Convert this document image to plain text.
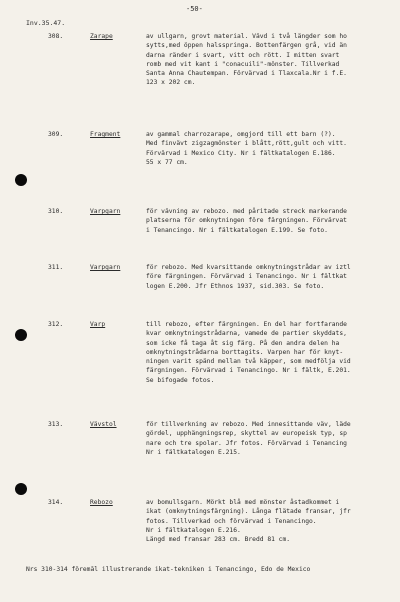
-50-
Inv.35.47.
308.	Zarape	av ullgarn, grovt material. Vävd i två längder som ho
sytts,med öppen halsspringa. Bottenfärgen grå, vid än
darna ränder i svart, vitt och rött. I mitten svart
romb med vit kant i "conacuili"-mönster. Tillverkad
Santa Anna Chautempan. Förvärvad i Tlaxcala.Nr i f.E.
123 x 202 cm.
309.	Fragment	av gammal charrozarape, omgjord till ett barn (?).
Med finvävt zigzagmönster i blått,rött,gult och vitt.
Förvärvad i Mexico City. Nr i fältkatalogen E.186.
55 x 77 cm.
310.	Varpgarn	för vävning av rebozo. med påritade streck markerande
platserna för omknytningen före färgningen. Förvärvat
i Tenancingo. Nr i fältkatalogen E.199. Se foto.
311.	Varpgarn	för rebozo. Med kvarsittande omknytningstrådar av iztl
före färgningen. Förvärvad i Tenancingo. Nr i fältkat
logen E.200. Jfr Ethnos 1937, sid.303. Se foto.
312.	Varp	till rebozo, efter färgningen. En del har fortfarande
kvar omknytningstrådarna, vamede de partier skyddats,
som icke få taga åt sig färg. På den andra delen ha
omknytningstrådarna borttagits. Varpen har för knyt-
ningen varit spänd mellan två käpper, som medfölja vid
färgningen. Förvärvad i Tenancingo. Nr i fältk, E.201.
Se bifogade fotos.
313.	Vävstol	för tillverkning av rebozo. Med innesittande väv, läde
gördel, upphängningsrep, skyttel av europeisk typ, sp
nare och tre spolar. Jfr fotos. Förvärvad i Tenancing
Nr i fältkatalogen E.215.
314.	Rebozo	av bomullsgarn. Mörkt blå med mönster åstadkommet i
ikat (omknytningsfärgning). Långa flätade fransar, jfr
fotos. Tillverkad och förvärvad i Tenancingo.
Nr i fältkatalogen E.216.
Längd med fransar 283 cm. Bredd 81 cm.
Nrs 310-314 föremål illustrerande ikat-tekniken i Tenancingo, Edo de Mexico
